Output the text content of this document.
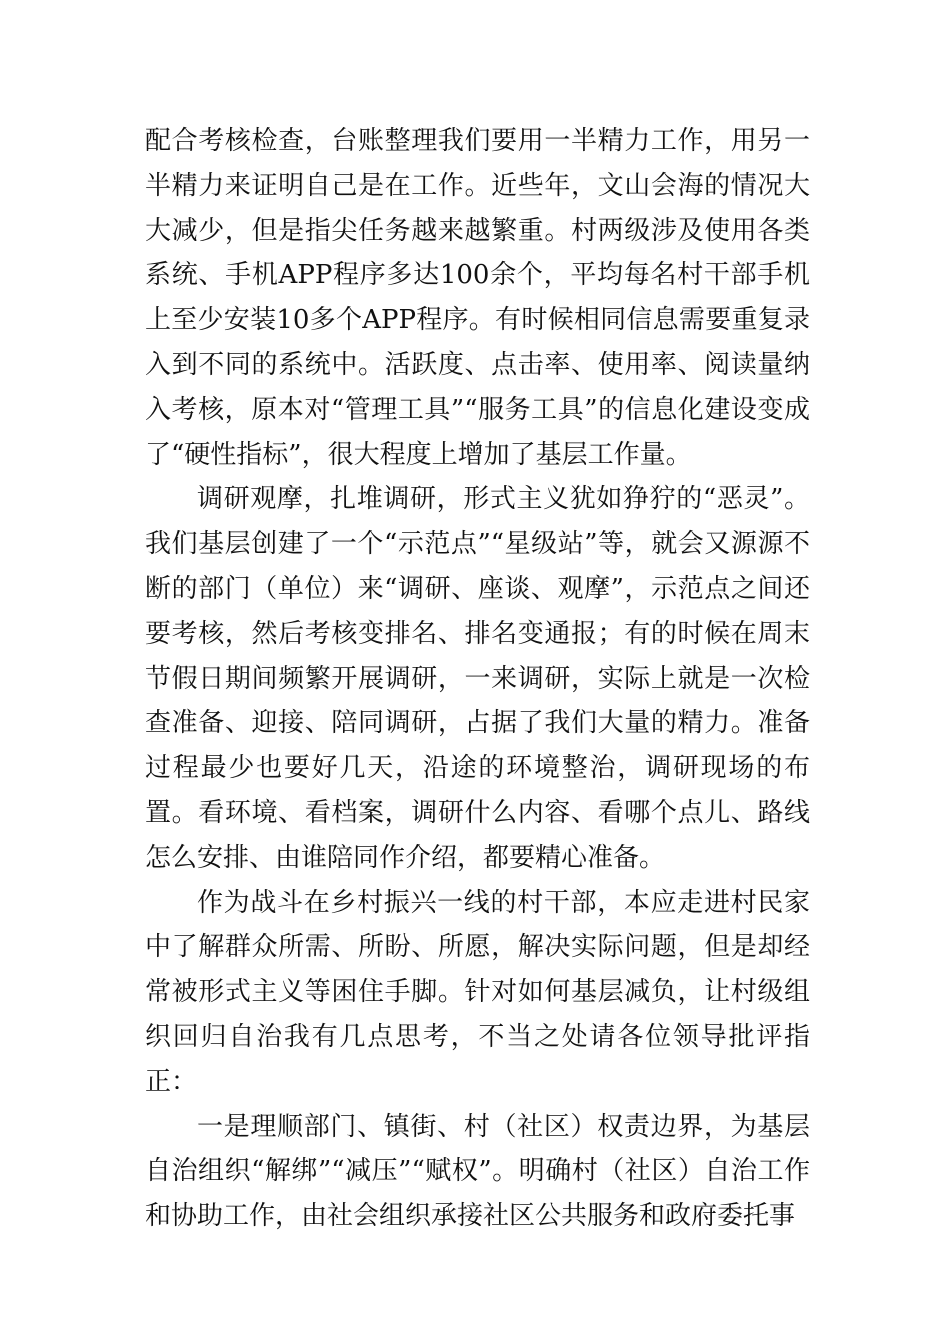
配合考核检查，台账整理我们要用一半精力工作，用另一半精力来证明自己是在工作。近些年，文山会海的情况大大减少，但是指尖任务越来越繁重。村两级涉及使用各类系统、手机APP程序多达100余个，平均每名村干部手机上至少安装10多个APP程序。有时候相同信息需要重复录入到不同的系统中。活跃度、点击率、使用率、阅读量纳入考核，原本对“管理工具”“服务工具”的信息化建设变成了“硬性指标”，很大程度上增加了基层工作量。

调研观摩，扎堆调研，形式主义犹如狰狞的“恶灵”。我们基层创建了一个“示范点”“星级站”等，就会又源源不断的部门（单位）来“调研、座谈、观摩”，示范点之间还要考核，然后考核变排名、排名变通报；有的时候在周末节假日期间频繁开展调研，一来调研，实际上就是一次检查准备、迎接、陪同调研，占据了我们大量的精力。准备过程最少也要好几天，沿途的环境整治，调研现场的布置。看环境、看档案，调研什么内容、看哪个点儿、路线怎么安排、由谁陪同作介绍，都要精心准备。

作为战斗在乡村振兴一线的村干部，本应走进村民家中了解群众所需、所盼、所愿，解决实际问题，但是却经常被形式主义等困住手脚。针对如何基层减负，让村级组织回归自治我有几点思考，不当之处请各位领导批评指正：

一是理顺部门、镇街、村（社区）权责边界，为基层自治组织“解绑”“减压”“赋权”。明确村（社区）自治工作和协助工作，由社会组织承接社区公共服务和政府委托事
